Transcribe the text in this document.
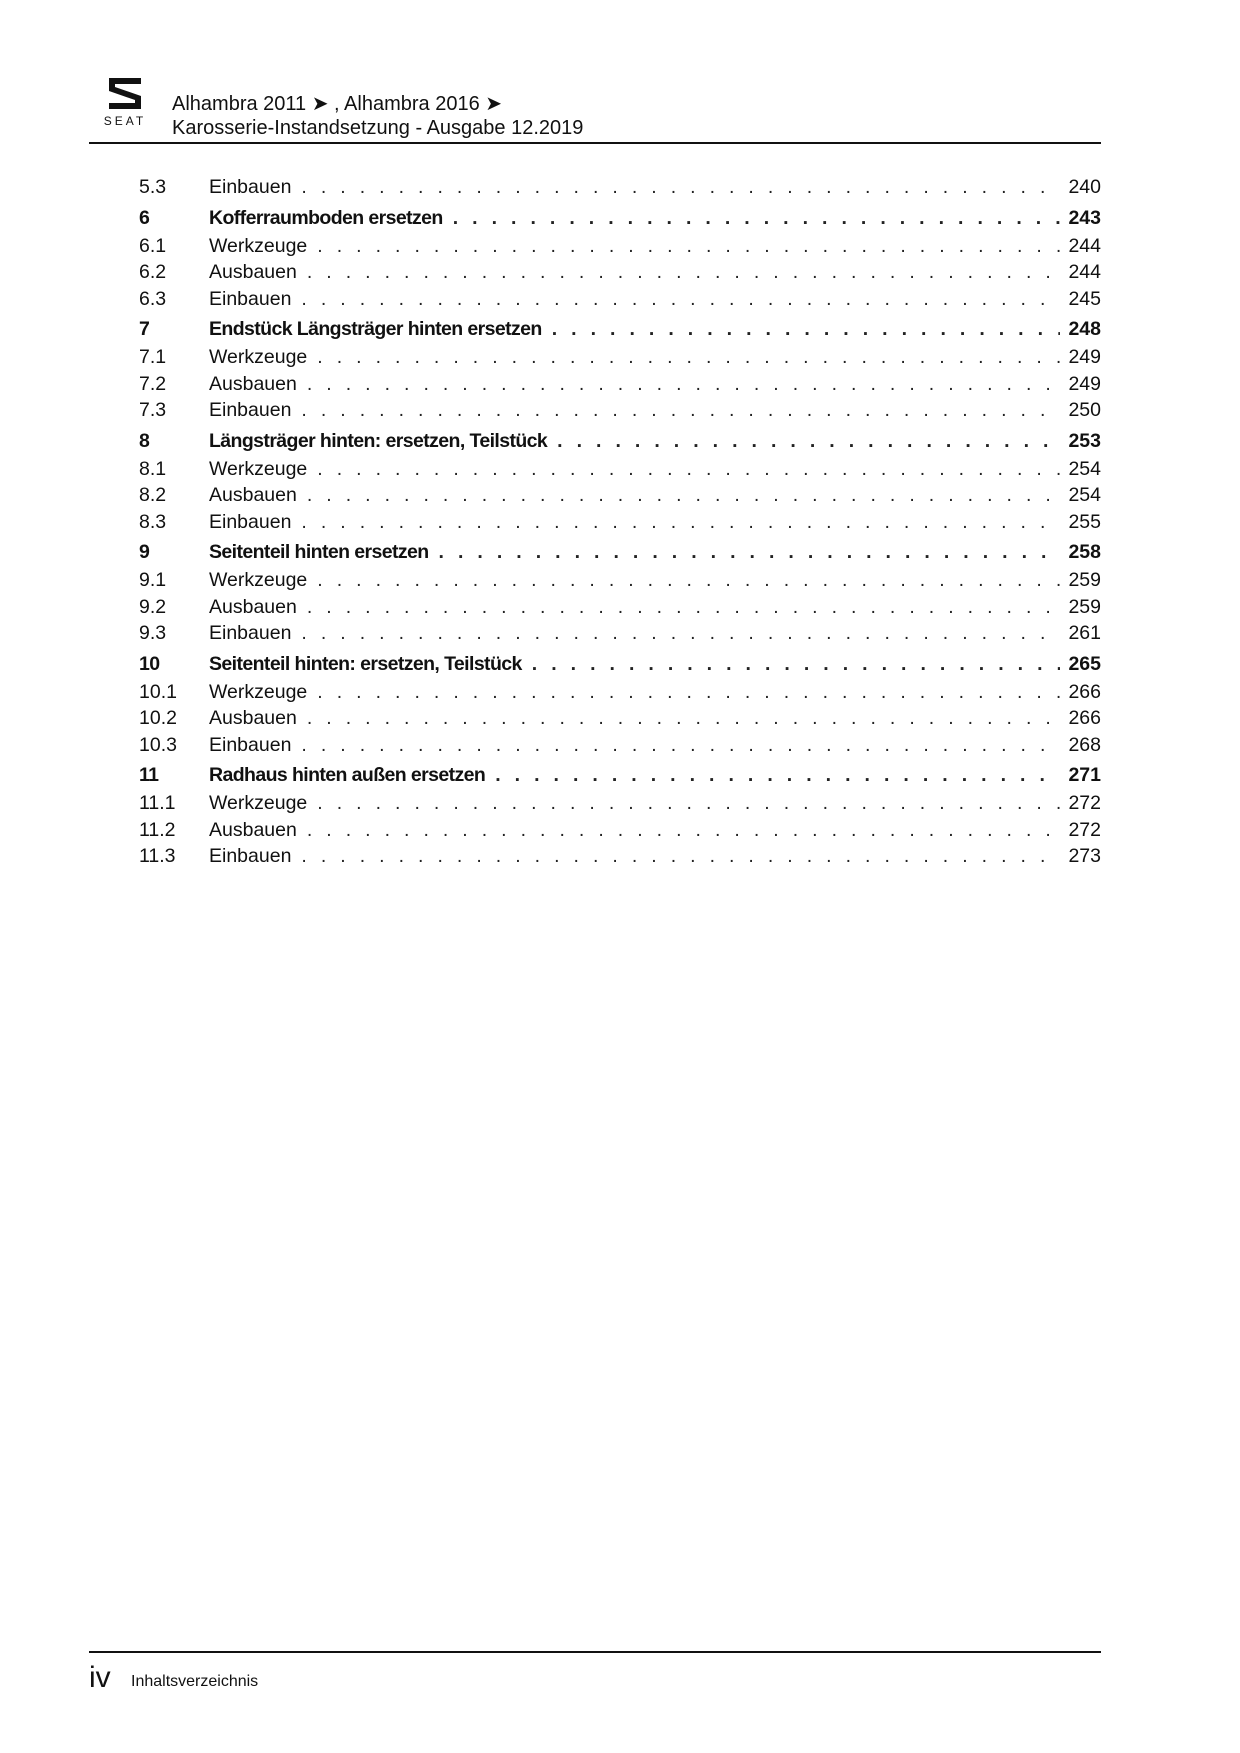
SEAT
Alhambra 2011 ➤ , Alhambra 2016 ➤
Karosserie-Instandsetzung - Ausgabe 12.2019
5.3	Einbauen . . .	240
6	Kofferraumboden ersetzen . . .	243
6.1	Werkzeuge . . .	244
6.2	Ausbauen . . .	244
6.3	Einbauen . . .	245
7	Endstück Längsträger hinten ersetzen . . .	248
7.1	Werkzeuge . . .	249
7.2	Ausbauen . . .	249
7.3	Einbauen . . .	250
8	Längsträger hinten: ersetzen, Teilstück . . .	253
8.1	Werkzeuge . . .	254
8.2	Ausbauen . . .	254
8.3	Einbauen . . .	255
9	Seitenteil hinten ersetzen . . .	258
9.1	Werkzeuge . . .	259
9.2	Ausbauen . . .	259
9.3	Einbauen . . .	261
10	Seitenteil hinten: ersetzen, Teilstück . . .	265
10.1	Werkzeuge . . .	266
10.2	Ausbauen . . .	266
10.3	Einbauen . . .	268
11	Radhaus hinten außen ersetzen . . .	271
11.1	Werkzeuge . . .	272
11.2	Ausbauen . . .	272
11.3	Einbauen . . .	273
iv Inhaltsverzeichnis
